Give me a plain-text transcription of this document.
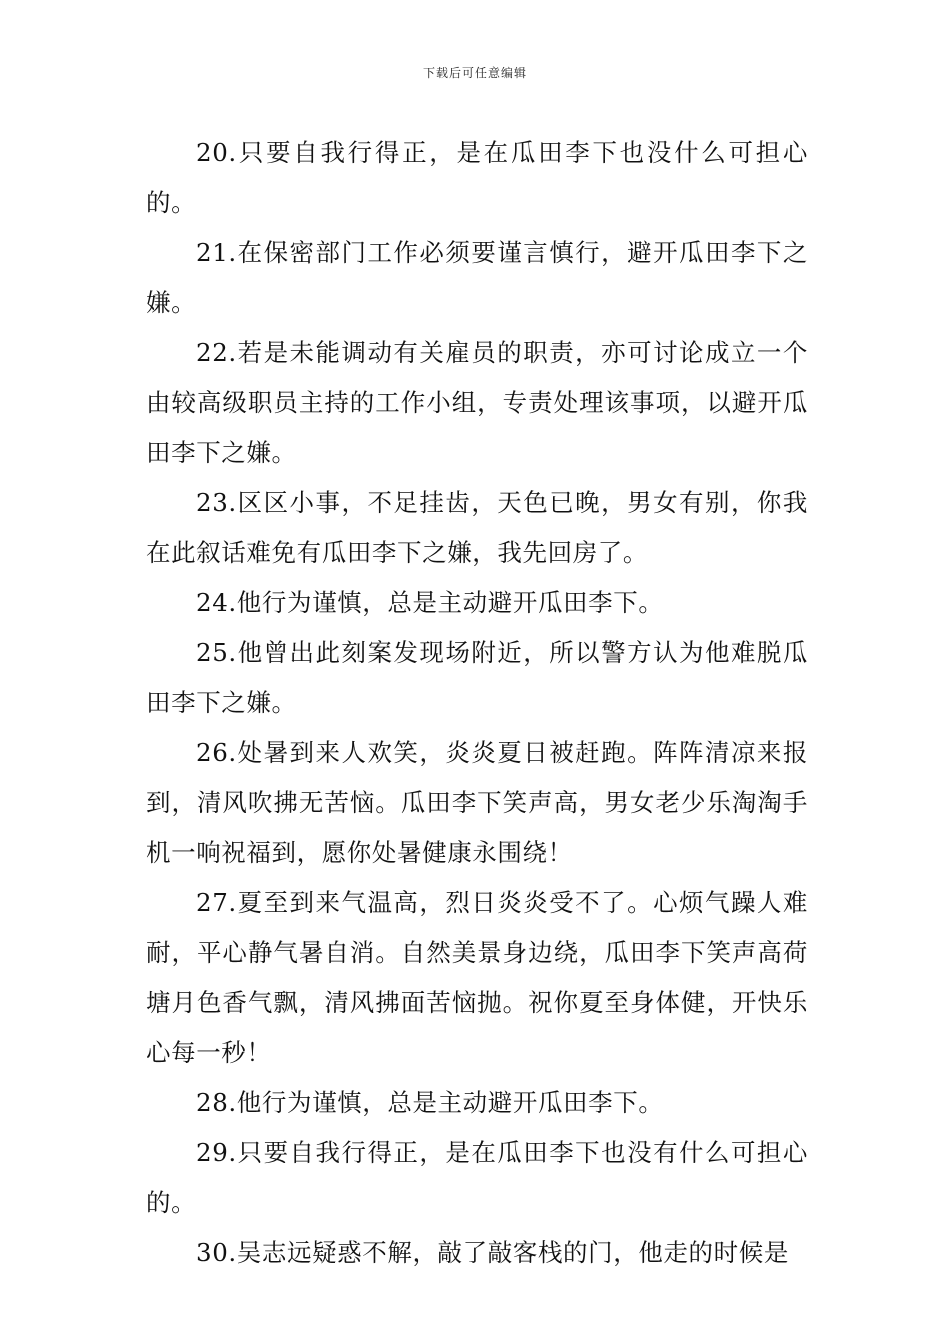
下载后可任意编辑

20.只要自我行得正，是在瓜田李下也没什么可担心的。

21.在保密部门工作必须要谨言慎行，避开瓜田李下之嫌。

22.若是未能调动有关雇员的职责，亦可讨论成立一个由较高级职员主持的工作小组，专责处理该事项，以避开瓜田李下之嫌。

23.区区小事，不足挂齿，天色已晚，男女有别，你我在此叙话难免有瓜田李下之嫌，我先回房了。

24.他行为谨慎，总是主动避开瓜田李下。

25.他曾出此刻案发现场附近，所以警方认为他难脱瓜田李下之嫌。

26.处暑到来人欢笑，炎炎夏日被赶跑。阵阵清凉来报到，清风吹拂无苦恼。瓜田李下笑声高，男女老少乐淘淘手机一响祝福到，愿你处暑健康永围绕！

27.夏至到来气温高，烈日炎炎受不了。心烦气躁人难耐，平心静气暑自消。自然美景身边绕，瓜田李下笑声高荷塘月色香气飘，清风拂面苦恼抛。祝你夏至身体健，开快乐心每一秒！

28.他行为谨慎，总是主动避开瓜田李下。

29.只要自我行得正，是在瓜田李下也没有什么可担心的。

30.吴志远疑惑不解，敲了敲客栈的门，他走的时候是
